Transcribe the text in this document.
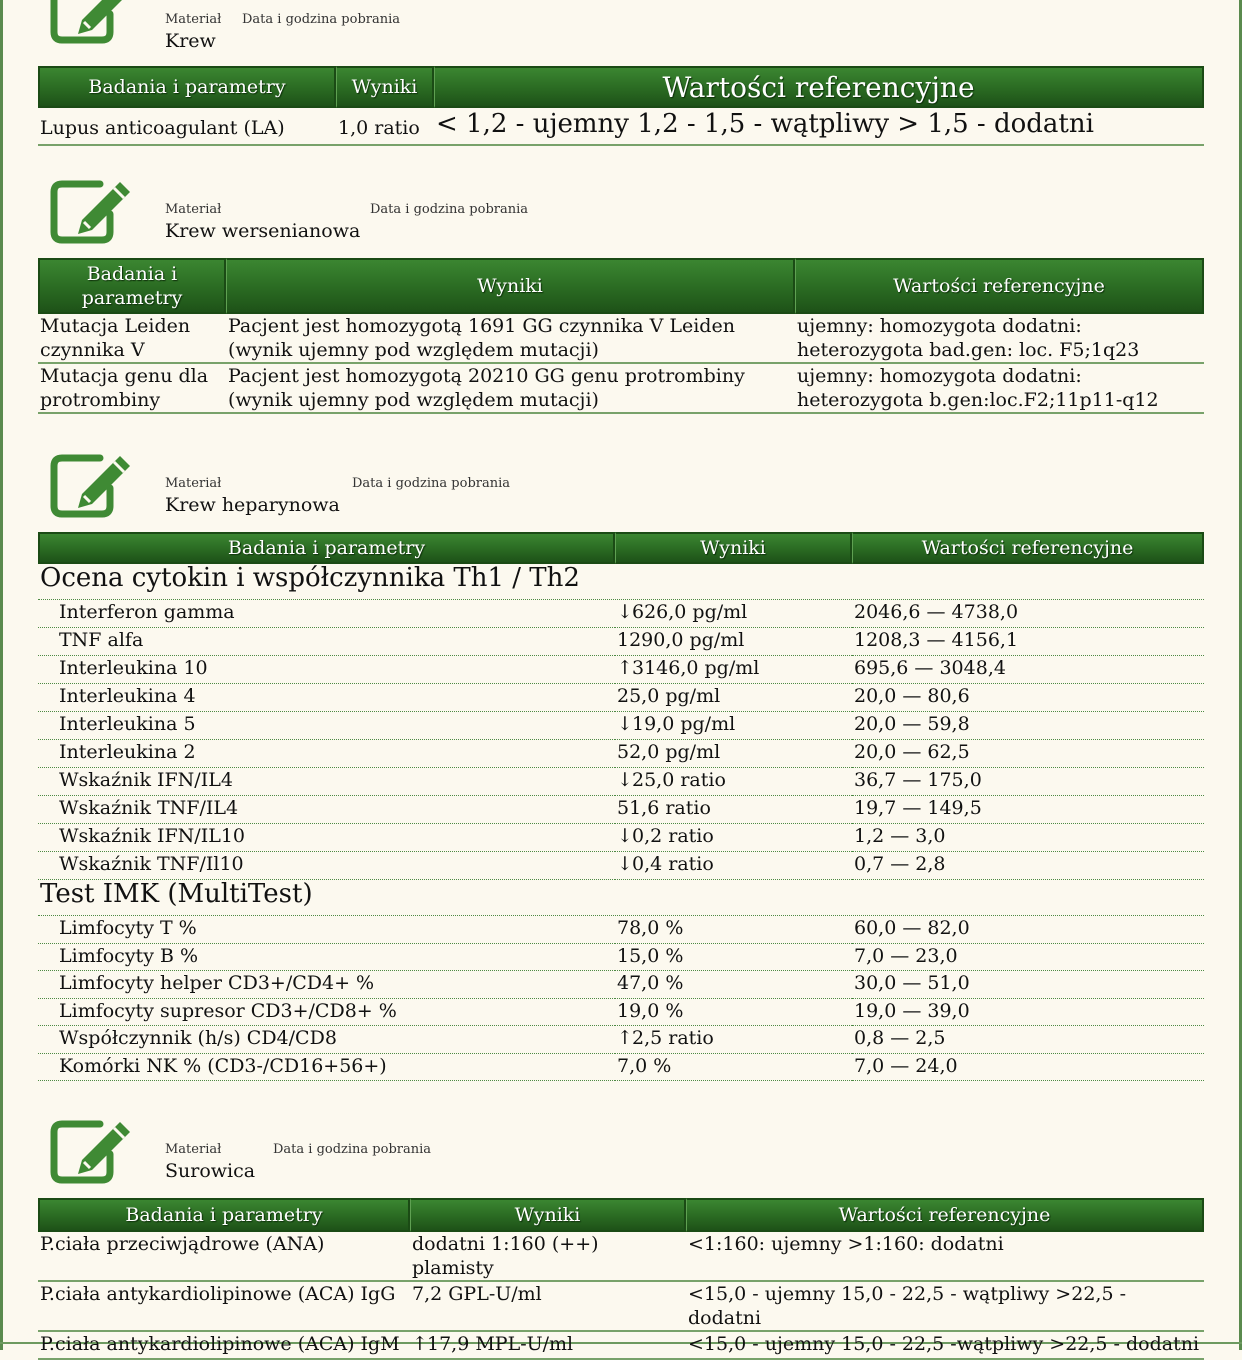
Materiał Data i godzina pobrania
Krew
Badania i parametry	Wyniki	Wartości referencyjne
Lupus anticoagulant (LA)	1,0 ratio	< 1,2 - ujemny 1,2 - 1,5 - wątpliwy > 1,5 - dodatni
Materiał	Data i godzina pobrania
Krew wersenianowa
Badania i parametry	Wyniki	Wartości referencyjne
Mutacja Leiden czynnika V	Pacjent jest homozygotą 1691 GG czynnika V Leiden (wynik ujemny pod względem mutacji)	ujemny: homozygota dodatni: heterozygota bad.gen: loc. F5;1q23
Mutacja genu dla protrombiny	Pacjent jest homozygotą 20210 GG genu protrombiny (wynik ujemny pod względem mutacji)	ujemny: homozygota dodatni: heterozygota b.gen:loc.F2;11p11-q12
Materiał	Data i godzina pobrania
Krew heparynowa
Badania i parametry	Wyniki	Wartości referencyjne
Ocena cytokin i współczynnika Th1 / Th2		
Interferon gamma	↓626,0 pg/ml	2046,6 — 4738,0
TNF alfa	1290,0 pg/ml	1208,3 — 4156,1
Interleukina 10	↑3146,0 pg/ml	695,6 — 3048,4
Interleukina 4	25,0 pg/ml	20,0 — 80,6
Interleukina 5	↓19,0 pg/ml	20,0 — 59,8
Interleukina 2	52,0 pg/ml	20,0 — 62,5
Wskaźnik IFN/IL4	↓25,0 ratio	36,7 — 175,0
Wskaźnik TNF/IL4	51,6 ratio	19,7 — 149,5
Wskaźnik IFN/IL10	↓0,2 ratio	1,2 — 3,0
Wskaźnik TNF/Il10	↓0,4 ratio	0,7 — 2,8
Test IMK (MultiTest)		
Limfocyty T %	78,0 %	60,0 — 82,0
Limfocyty B %	15,0 %	7,0 — 23,0
Limfocyty helper CD3+/CD4+ %	47,0 %	30,0 — 51,0
Limfocyty supresor CD3+/CD8+ %	19,0 %	19,0 — 39,0
Współczynnik (h/s) CD4/CD8	↑2,5 ratio	0,8 — 2,5
Komórki NK % (CD3-/CD16+56+)	7,0 %	7,0 — 24,0
Materiał	Data i godzina pobrania
Surowica
Badania i parametry	Wyniki	Wartości referencyjne
P.ciała przeciwjądrowe (ANA)	dodatni 1:160 (++) plamisty	<1:160: ujemny >1:160: dodatni
P.ciała antykardiolipinowe (ACA) IgG	7,2 GPL-U/ml	<15,0 - ujemny 15,0 - 22,5 - wątpliwy >22,5 - dodatni
P.ciała antykardiolipinowe (ACA) IgM	↑17,9 MPL-U/ml	<15,0 - ujemny 15,0 - 22,5 -wątpliwy >22,5 - dodatni
